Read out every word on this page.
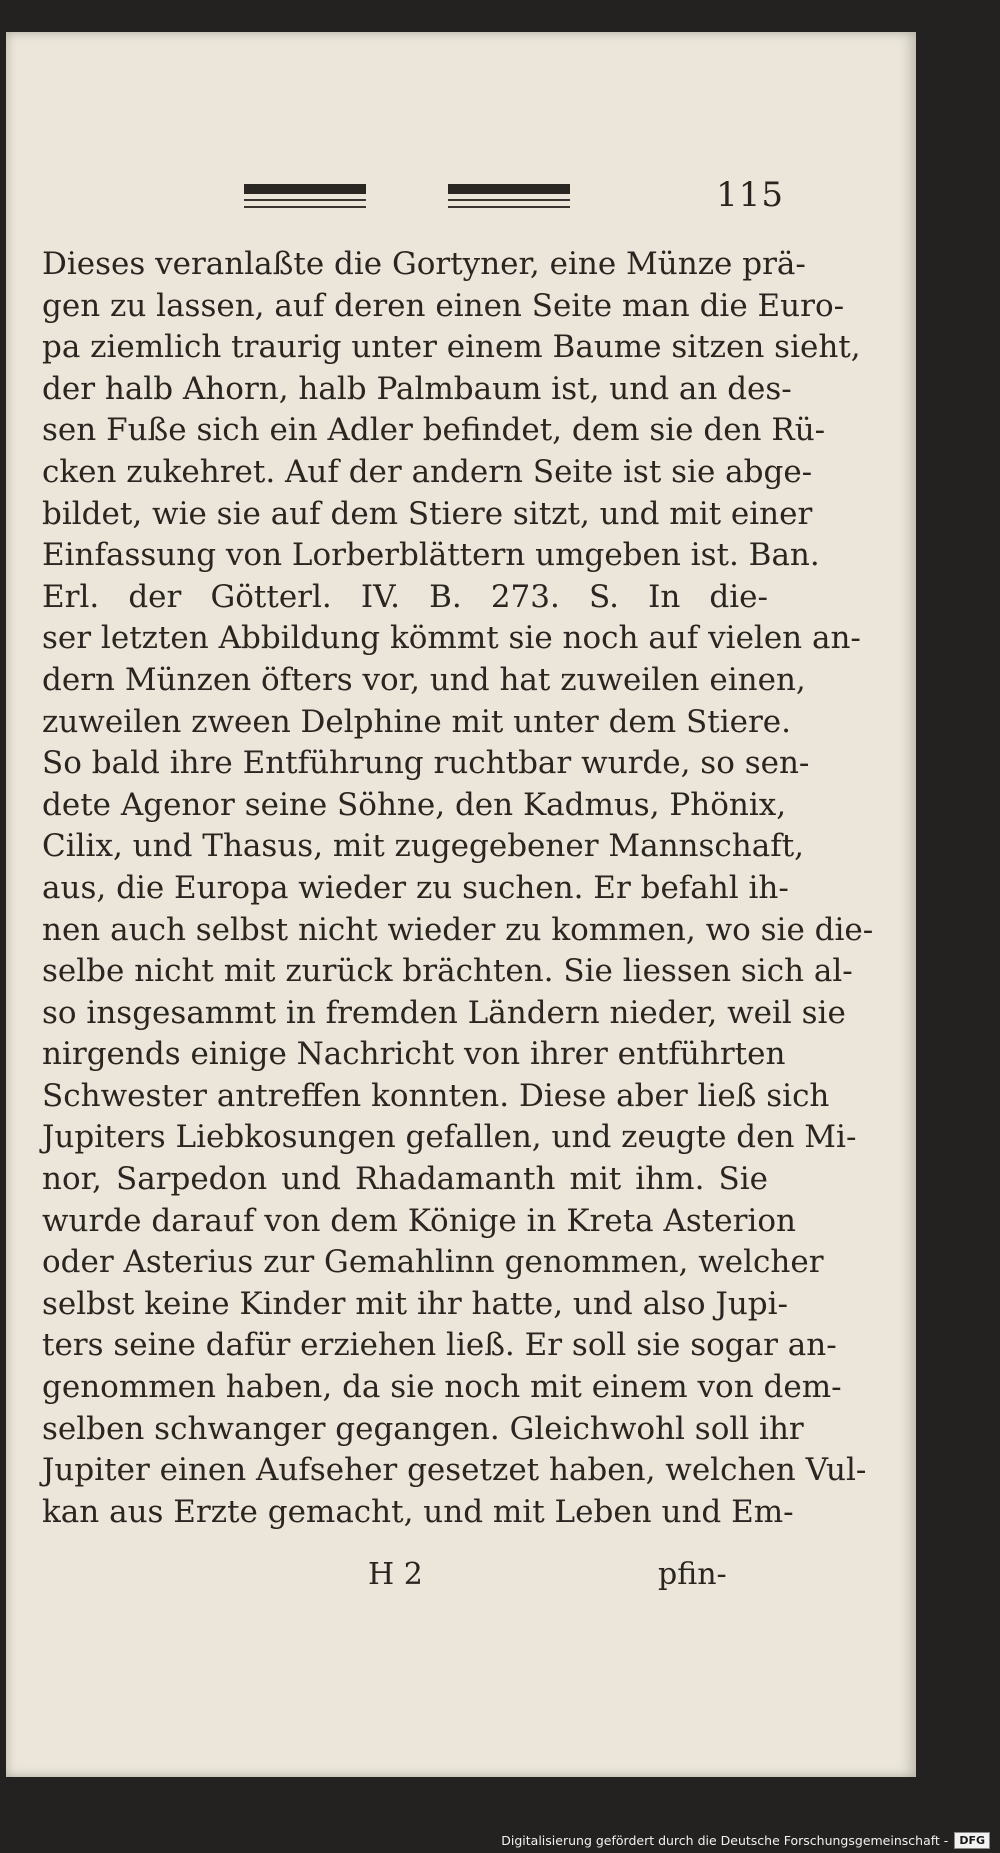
115
Dieses veranlaßte die Gortyner, eine Münze prä-
gen zu lassen, auf deren einen Seite man die Euro-
pa ziemlich traurig unter einem Baume sitzen sieht,
der halb Ahorn, halb Palmbaum ist, und an des-
sen Fuße sich ein Adler befindet, dem sie den Rü-
cken zukehret. Auf der andern Seite ist sie abge-
bildet, wie sie auf dem Stiere sitzt, und mit einer
Einfassung von Lorberblättern umgeben ist. Ban.
Erl. der Götterl. IV. B. 273. S. In die-
ser letzten Abbildung kömmt sie noch auf vielen an-
dern Münzen öfters vor, und hat zuweilen einen,
zuweilen zween Delphine mit unter dem Stiere.
So bald ihre Entführung ruchtbar wurde, so sen-
dete Agenor seine Söhne, den Kadmus, Phönix,
Cilix, und Thasus, mit zugegebener Mannschaft,
aus, die Europa wieder zu suchen. Er befahl ih-
nen auch selbst nicht wieder zu kommen, wo sie die-
selbe nicht mit zurück brächten. Sie liessen sich al-
so insgesammt in fremden Ländern nieder, weil sie
nirgends einige Nachricht von ihrer entführten
Schwester antreffen konnten. Diese aber ließ sich
Jupiters Liebkosungen gefallen, und zeugte den Mi-
nor, Sarpedon und Rhadamanth mit ihm. Sie
wurde darauf von dem Könige in Kreta Asterion
oder Asterius zur Gemahlinn genommen, welcher
selbst keine Kinder mit ihr hatte, und also Jupi-
ters seine dafür erziehen ließ. Er soll sie sogar an-
genommen haben, da sie noch mit einem von dem-
selben schwanger gegangen. Gleichwohl soll ihr
Jupiter einen Aufseher gesetzet haben, welchen Vul-
kan aus Erzte gemacht, und mit Leben und Em-
H 2	pfin-
Digitalisierung gefördert durch die Deutsche Forschungsgemeinschaft -	DFG
